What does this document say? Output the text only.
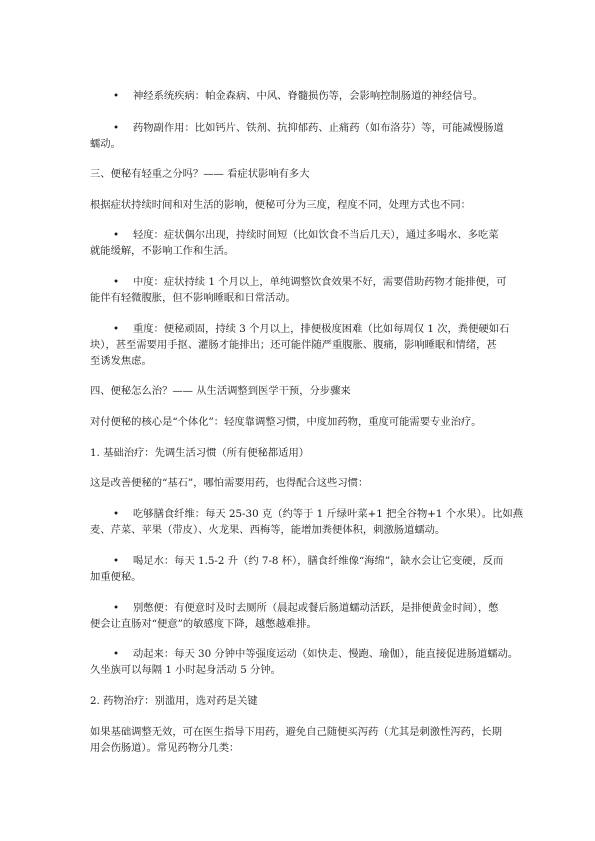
• 神经系统疾病：帕金森病、中风、脊髓损伤等，会影响控制肠道的神经信号。
• 药物副作用：比如钙片、铁剂、抗抑郁药、止痛药（如布洛芬）等，可能减慢肠道
蠕动。
三、便秘有轻重之分吗？—— 看症状影响有多大
根据症状持续时间和对生活的影响，便秘可分为三度，程度不同，处理方式也不同：
• 轻度：症状偶尔出现，持续时间短（比如饮食不当后几天），通过多喝水、多吃菜
就能缓解，不影响工作和生活。
• 中度：症状持续 1 个月以上，单纯调整饮食效果不好，需要借助药物才能排便，可
能伴有轻微腹胀，但不影响睡眠和日常活动。
• 重度：便秘顽固，持续 3 个月以上，排便极度困难（比如每周仅 1 次，粪便硬如石
块），甚至需要用手抠、灌肠才能排出；还可能伴随严重腹胀、腹痛，影响睡眠和情绪，甚
至诱发焦虑。
四、便秘怎么治？—— 从生活调整到医学干预，分步骤来
对付便秘的核心是“个体化”：轻度靠调整习惯，中度加药物，重度可能需要专业治疗。
1. 基础治疗：先调生活习惯（所有便秘都适用）
这是改善便秘的“基石”，哪怕需要用药，也得配合这些习惯：
• 吃够膳食纤维：每天 25-30 克（约等于 1 斤绿叶菜+1 把全谷物+1 个水果）。比如燕
麦、芹菜、苹果（带皮）、火龙果、西梅等，能增加粪便体积，刺激肠道蠕动。
• 喝足水：每天 1.5-2 升（约 7-8 杯），膳食纤维像“海绵”，缺水会让它变硬，反而
加重便秘。
• 别憋便：有便意时及时去厕所（晨起或餐后肠道蠕动活跃，是排便黄金时间），憋
便会让直肠对“便意”的敏感度下降，越憋越难排。
• 动起来：每天 30 分钟中等强度运动（如快走、慢跑、瑜伽），能直接促进肠道蠕动。
久坐族可以每隔 1 小时起身活动 5 分钟。
2. 药物治疗：别滥用，选对药是关键
如果基础调整无效，可在医生指导下用药，避免自己随便买泻药（尤其是刺激性泻药，长期
用会伤肠道）。常见药物分几类：
